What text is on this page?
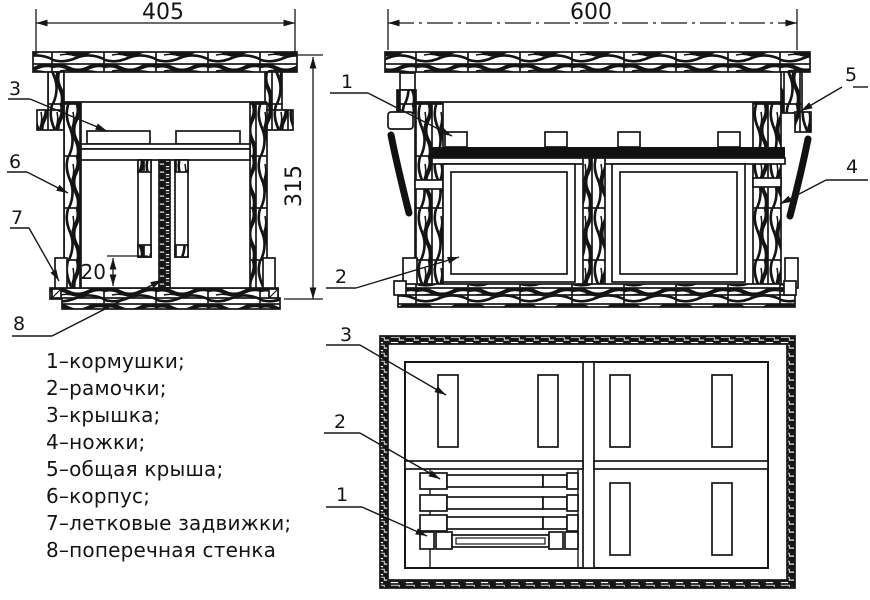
405
315
20
3
6
7
8
600
1
2
5
4
3
2
1
1–кормушки;
2–рамочки;
3–крышка;
4–ножки;
5–общая крыша;
6–корпус;
7–летковые задвижки;
8–поперечная стенка
